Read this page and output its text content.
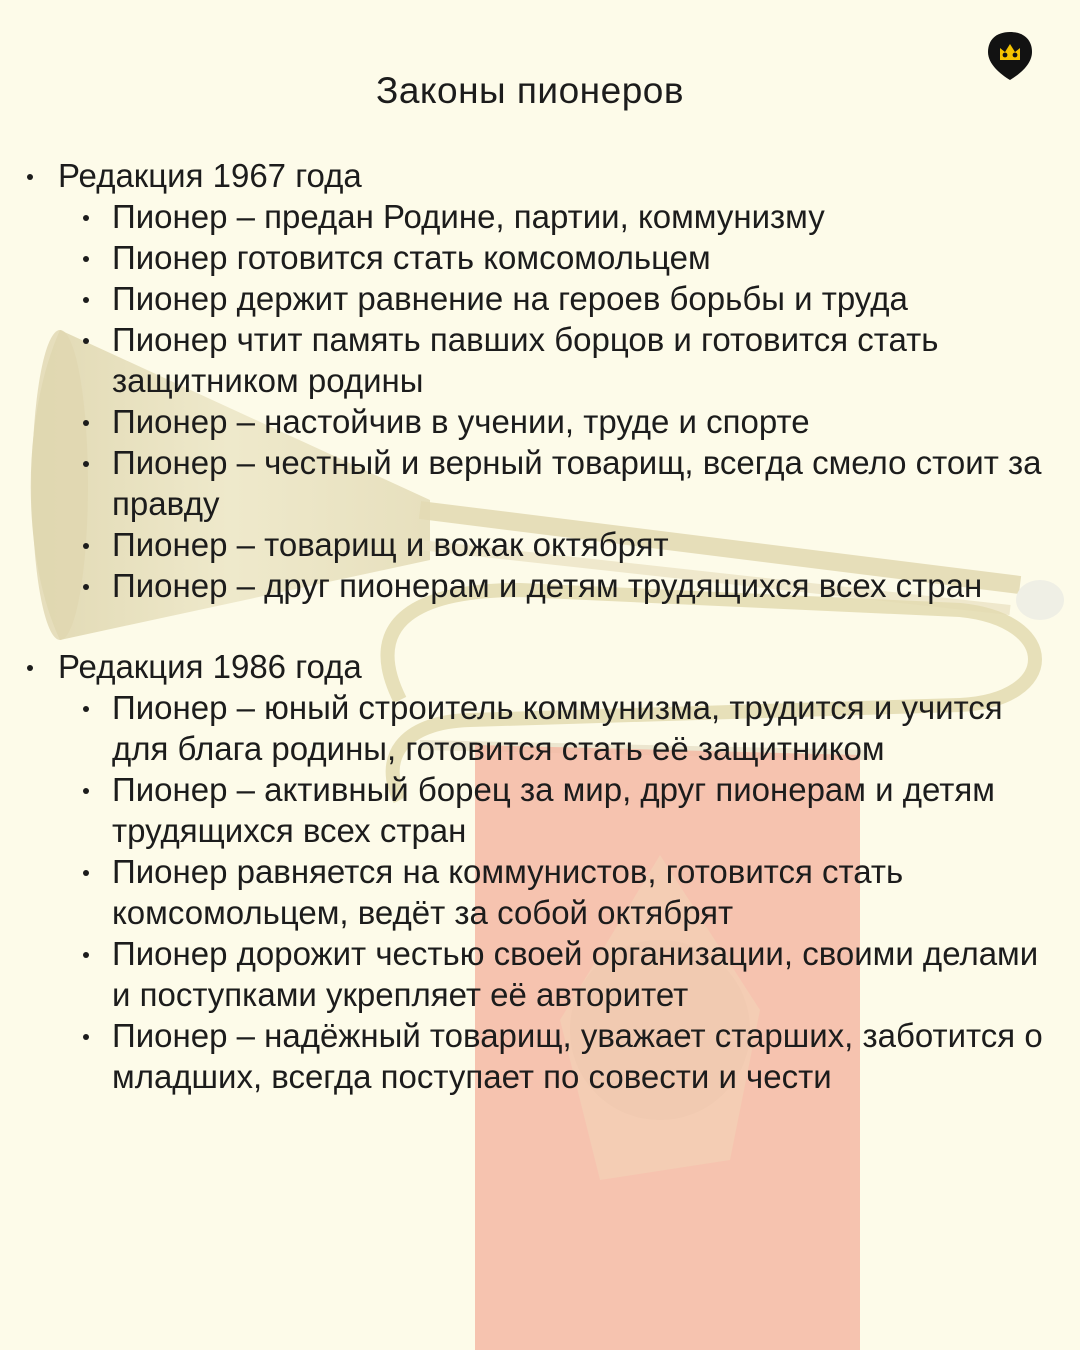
Законы пионеров
Редакция 1967 года
Пионер – предан Родине, партии, коммунизму
Пионер готовится стать комсомольцем
Пионер держит равнение на героев борьбы и труда
Пионер чтит память павших борцов и готовится стать защитником родины
Пионер – настойчив в учении, труде и спорте
Пионер – честный и верный товарищ, всегда смело стоит за правду
Пионер – товарищ и вожак октябрят
Пионер – друг пионерам и детям трудящихся всех стран
Редакция 1986 года
Пионер – юный строитель коммунизма, трудится и учится для блага родины, готовится стать её защитником
Пионер – активный борец за мир, друг пионерам и детям трудящихся всех стран
Пионер равняется на коммунистов, готовится стать комсомольцем, ведёт за собой октябрят
Пионер дорожит честью своей организации, своими делами и поступками укрепляет её авторитет
Пионер – надёжный товарищ, уважает старших, заботится о младших, всегда поступает по совести и чести
